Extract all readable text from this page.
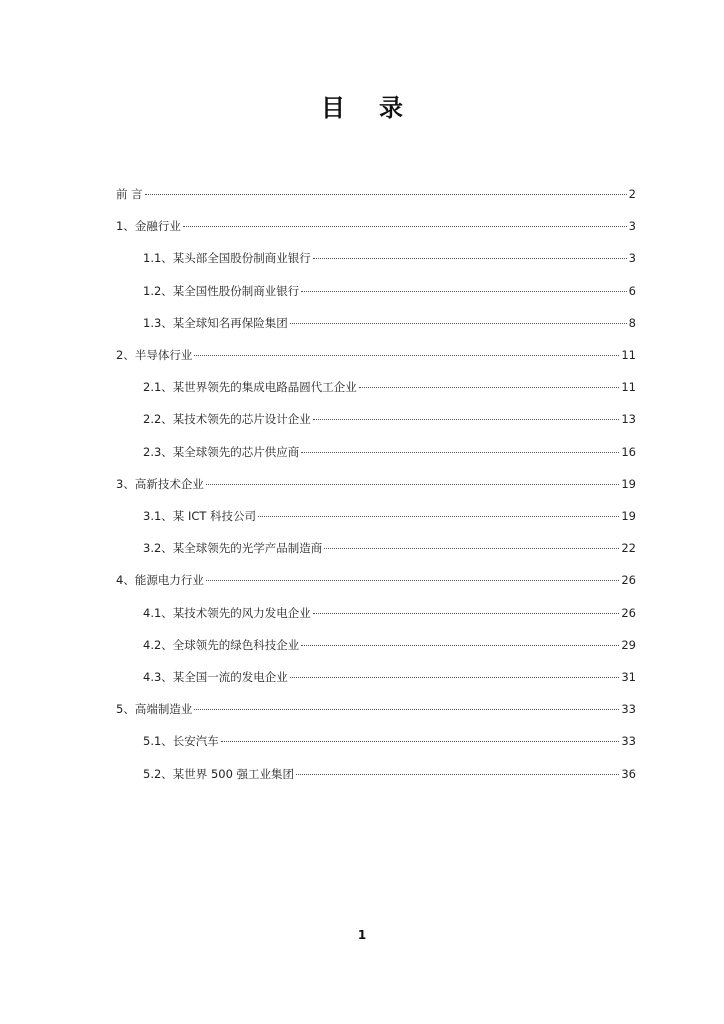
目录
前 言	2
1、金融行业	3
1.1、某头部全国股份制商业银行	3
1.2、某全国性股份制商业银行	6
1.3、某全球知名再保险集团	8
2、半导体行业	11
2.1、某世界领先的集成电路晶圆代工企业	11
2.2、某技术领先的芯片设计企业	13
2.3、某全球领先的芯片供应商	16
3、高新技术企业	19
3.1、某 ICT 科技公司	19
3.2、某全球领先的光学产品制造商	22
4、能源电力行业	26
4.1、某技术领先的风力发电企业	26
4.2、全球领先的绿色科技企业	29
4.3、某全国一流的发电企业	31
5、高端制造业	33
5.1、长安汽车	33
5.2、某世界 500 强工业集团	36
1
